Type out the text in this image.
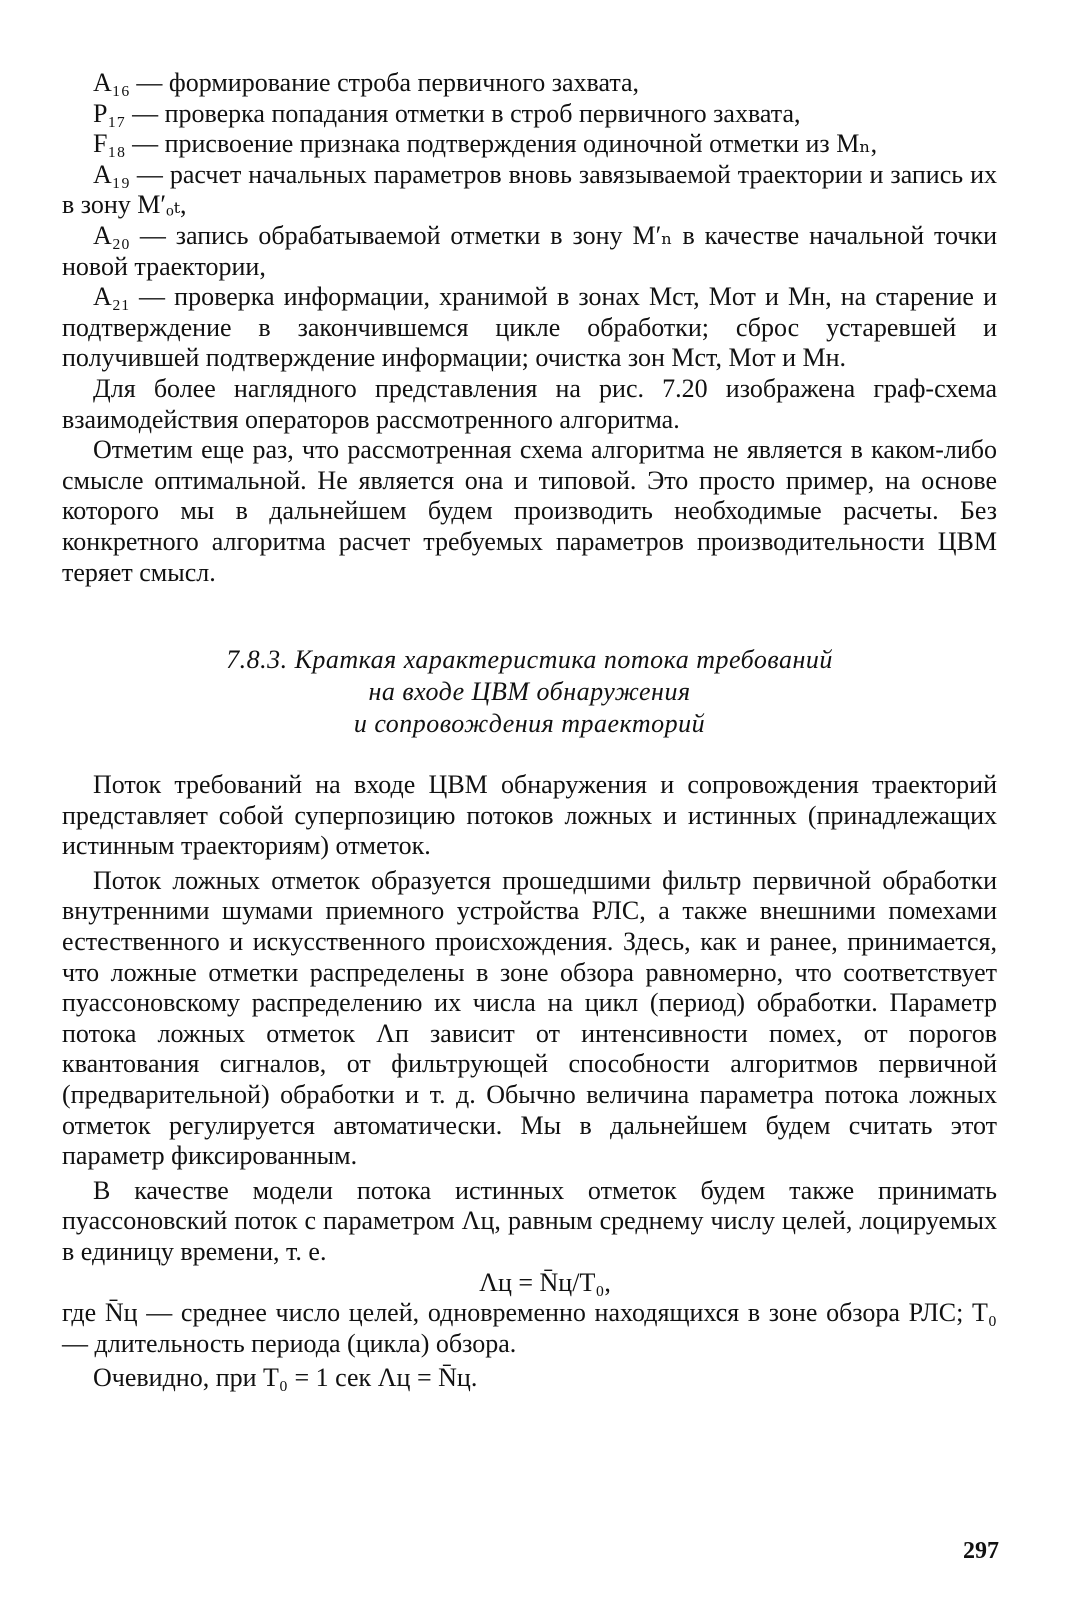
A₁₆ — формирование строба первичного захвата,

P₁₇ — проверка попадания отметки в строб первичного захвата,

F₁₈ — присвоение признака подтверждения одиночной отметки из Mₙ,

A₁₉ — расчет начальных параметров вновь завязываемой траектории и запись их в зону M′ₒₜ,

A₂₀ — запись обрабатываемой отметки в зону M′ₙ в качестве начальной точки новой траектории,

A₂₁ — проверка информации, хранимой в зонах Mст, Mот и Mн, на старение и подтверждение в закончившемся цикле обработки; сброс устаревшей и получившей подтверждение информации; очистка зон Mст, Mот и Mн.

Для более наглядного представления на рис. 7.20 изображена граф-схема взаимодействия операторов рассмотренного алгоритма.

Отметим еще раз, что рассмотренная схема алгоритма не является в каком-либо смысле оптимальной. Не является она и типовой. Это просто пример, на основе которого мы в дальнейшем будем производить необходимые расчеты. Без конкретного алгоритма расчет требуемых параметров производительности ЦВМ теряет смысл.

7.8.3. Краткая характеристика потока требований
на входе ЦВМ обнаружения
и сопровождения траекторий

Поток требований на входе ЦВМ обнаружения и сопровождения траекторий представляет собой суперпозицию потоков ложных и истинных (принадлежащих истинным траекториям) отметок.

Поток ложных отметок образуется прошедшими фильтр первичной обработки внутренними шумами приемного устройства РЛС, а также внешними помехами естественного и искусственного происхождения. Здесь, как и ранее, принимается, что ложные отметки распределены в зоне обзора равномерно, что соответствует пуассоновскому распределению их числа на цикл (период) обработки. Параметр потока ложных отметок Λп зависит от интенсивности помех, от порогов квантования сигналов, от фильтрующей способности алгоритмов первичной (предварительной) обработки и т. д. Обычно величина параметра потока ложных отметок регулируется автоматически. Мы в дальнейшем будем считать этот параметр фиксированным.

В качестве модели потока истинных отметок будем также принимать пуассоновский поток с параметром Λц, равным среднему числу целей, лоцируемых в единицу времени, т. е.

Λц = N̄ц/T₀,

где N̄ц — среднее число целей, одновременно находящихся в зоне обзора РЛС; T₀ — длительность периода (цикла) обзора.

Очевидно, при T₀ = 1 сек Λц = N̄ц.

297
